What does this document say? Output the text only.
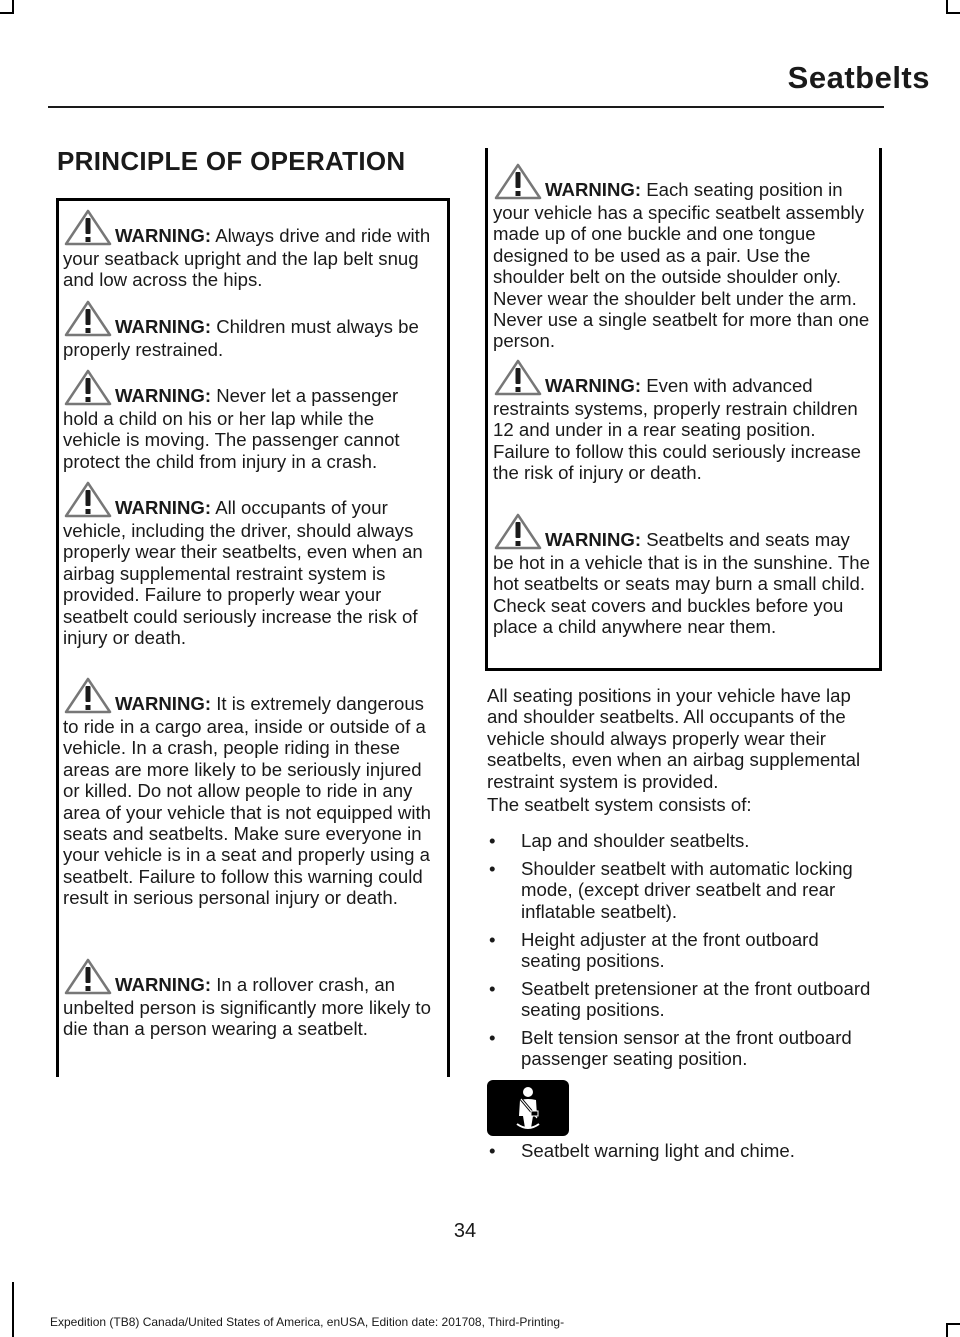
Seatbelts
PRINCIPLE OF OPERATION

WARNING: Always drive and ride with your seatback upright and the lap belt snug and low across the hips.

WARNING: Children must always be properly restrained.

WARNING: Never let a passenger hold a child on his or her lap while the vehicle is moving. The passenger cannot protect the child from injury in a crash.

WARNING: All occupants of your vehicle, including the driver, should always properly wear their seatbelts, even when an airbag supplemental restraint system is provided. Failure to properly wear your seatbelt could seriously increase the risk of injury or death.

WARNING: It is extremely dangerous to ride in a cargo area, inside or outside of a vehicle. In a crash, people riding in these areas are more likely to be seriously injured or killed. Do not allow people to ride in any area of your vehicle that is not equipped with seats and seatbelts. Make sure everyone in your vehicle is in a seat and properly using a seatbelt. Failure to follow this warning could result in serious personal injury or death.

WARNING: In a rollover crash, an unbelted person is significantly more likely to die than a person wearing a seatbelt.

WARNING: Each seating position in your vehicle has a specific seatbelt assembly made up of one buckle and one tongue designed to be used as a pair. Use the shoulder belt on the outside shoulder only. Never wear the shoulder belt under the arm. Never use a single seatbelt for more than one person.

WARNING: Even with advanced restraints systems, properly restrain children 12 and under in a rear seating position. Failure to follow this could seriously increase the risk of injury or death.

WARNING: Seatbelts and seats may be hot in a vehicle that is in the sunshine. The hot seatbelts or seats may burn a small child. Check seat covers and buckles before you place a child anywhere near them.

All seating positions in your vehicle have lap and shoulder seatbelts. All occupants of the vehicle should always properly wear their seatbelts, even when an airbag supplemental restraint system is provided.

The seatbelt system consists of:

• Lap and shoulder seatbelts.
• Shoulder seatbelt with automatic locking mode, (except driver seatbelt and rear inflatable seatbelt).
• Height adjuster at the front outboard seating positions.
• Seatbelt pretensioner at the front outboard seating positions.
• Belt tension sensor at the front outboard passenger seating position.
• Seatbelt warning light and chime.
34
Expedition (TB8) Canada/United States of America, enUSA, Edition date: 201708, Third-Printing-
